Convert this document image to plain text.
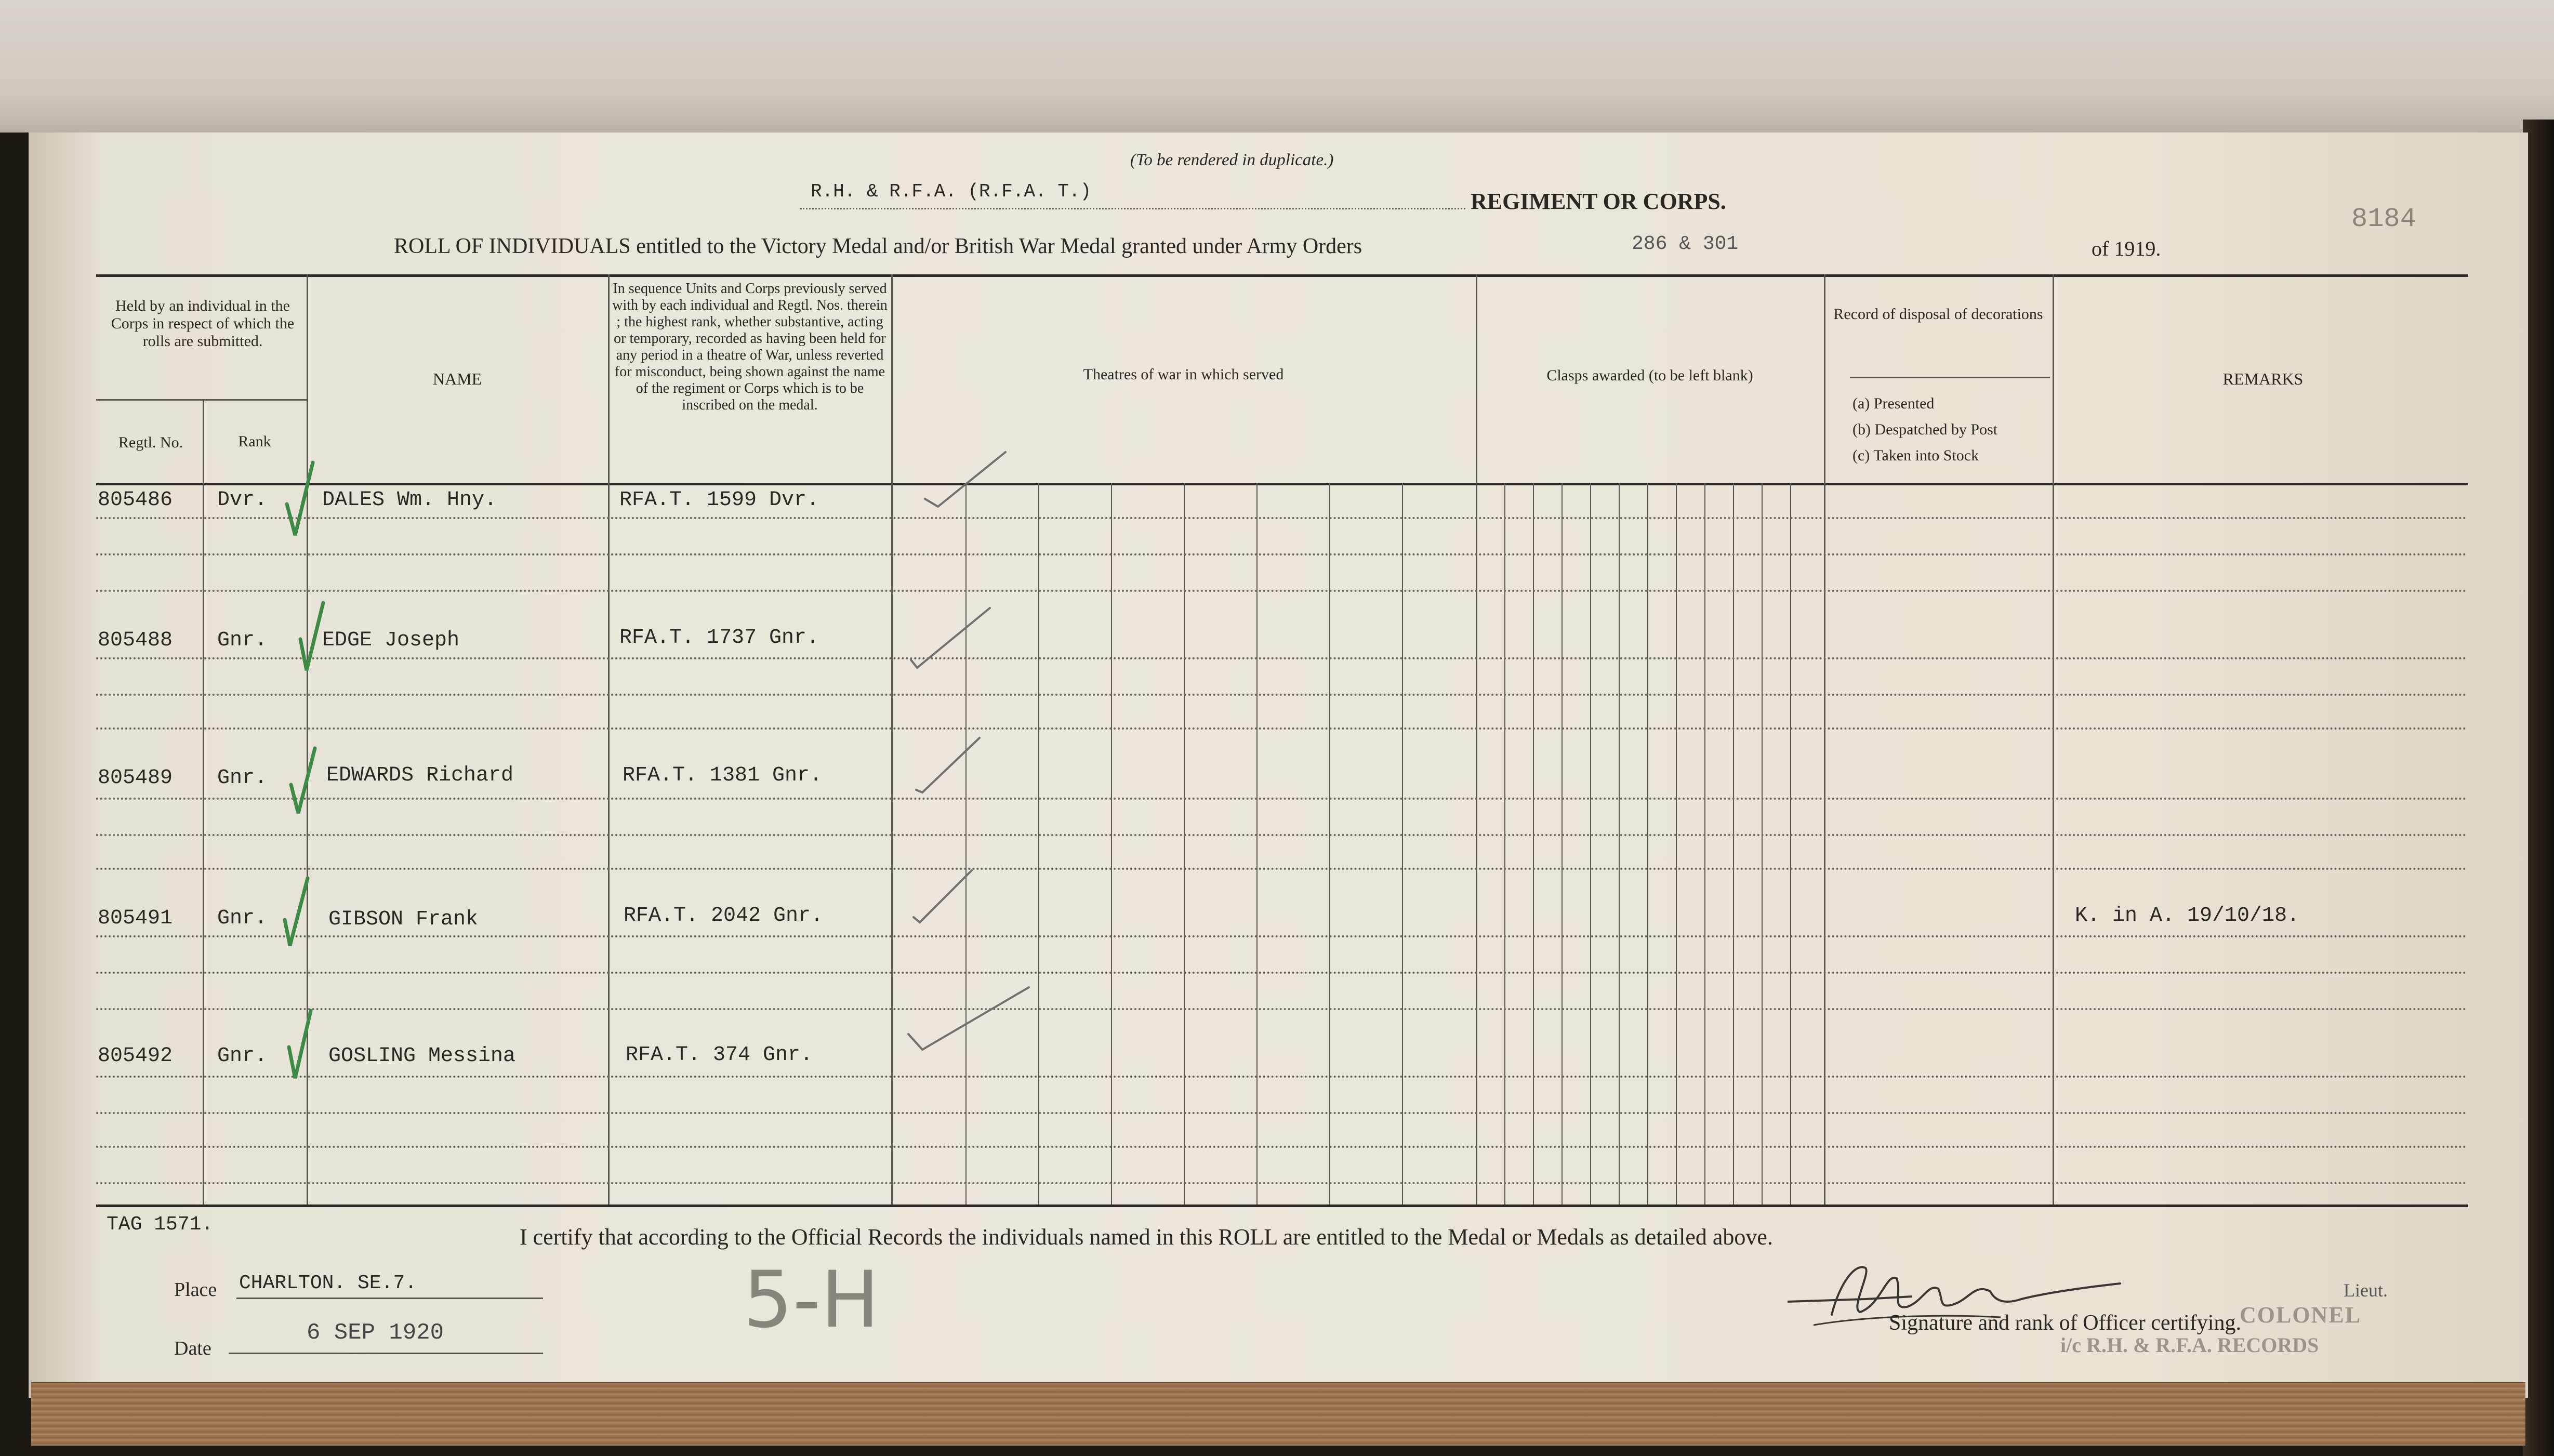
(To be rendered in duplicate.)
R.H. & R.F.A. (R.F.A. T.)	REGIMENT OR CORPS.
8184
ROLL OF INDIVIDUALS entitled to the Victory Medal and/or British War Medal granted under Army Orders	286 & 301	of 1919.
Held by an individual in the Corps in respect of which the rolls are submitted.
Regtl. No.	Rank
NAME
In sequence Units and Corps previously served with by each individual and Regtl. Nos. therein ; the highest rank, whether substantive, acting or temporary, recorded as having been held for any period in a theatre of War, unless reverted for misconduct, being shown against the name of the regiment or Corps which is to be inscribed on the medal.
Theatres of war in which served	Clasps awarded (to be left blank)
Record of disposal of decorations
(a) Presented
(b) Despatched by Post
(c) Taken into Stock
REMARKS
805486 Dvr.	DALES Wm. Hny.	RFA.T. 1599 Dvr.
805488 Gnr.	EDGE Joseph	RFA.T. 1737 Gnr.
805489 Gnr.	EDWARDS Richard	RFA.T. 1381 Gnr.
805491 Gnr.	GIBSON Frank	RFA.T. 2042 Gnr.	K. in A. 19/10/18.
805492 Gnr.	GOSLING Messina	RFA.T. 374 Gnr.
TAG 1571.	I certify that according to the Official Records the individuals named in this ROLL are entitled to the Medal or Medals as detailed above.
Place CHARLTON. SE.7.
Date
6 SEP 1920	5-H	Lieut.
Signature and rank of Officer certifying.
COLONEL
i/c R.H. & R.F.A. RECORDS
